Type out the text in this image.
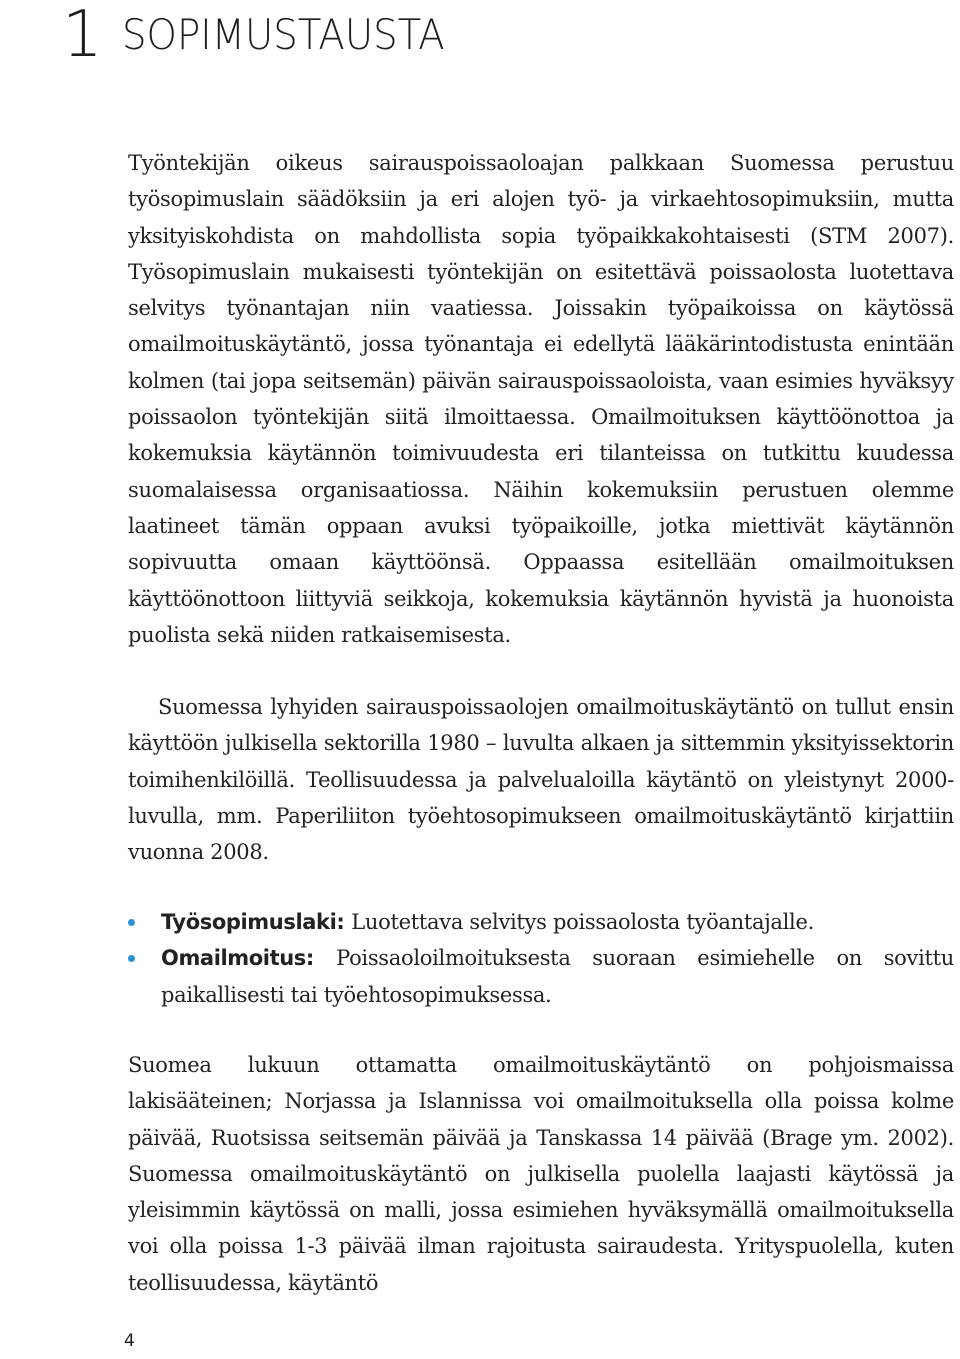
1 SOPIMUSTAUSTA

Työntekijän oikeus sairauspoissaoloajan palkkaan Suomessa perustuu työsopimuslain säädöksiin ja eri alojen työ- ja virkaehtosopimuksiin, mutta yksityiskohdista on mahdollista sopia työpaikkakohtaisesti (STM 2007). Työsopimuslain mukaisesti työntekijän on esitettävä poissaolosta luotettava selvitys työnantajan niin vaatiessa. Joissakin työpaikoissa on käytössä omailmoituskäytäntö, jossa työnantaja ei edellytä lääkärintodistusta enintään kolmen (tai jopa seitsemän) päivän sairauspoissaoloista, vaan esimies hyväksyy poissaolon työntekijän siitä ilmoittaessa. Omailmoituksen käyttöönottoa ja kokemuksia käytännön toimivuudesta eri tilanteissa on tutkittu kuudessa suomalaisessa organisaatiossa. Näihin kokemuksiin perustuen olemme laatineet tämän oppaan avuksi työpaikoille, jotka miettivät käytännön sopivuutta omaan käyttöönsä. Oppaassa esitellään omailmoituksen käyttöönottoon liittyviä seikkoja, kokemuksia käytännön hyvistä ja huonoista puolista sekä niiden ratkaisemisesta.

Suomessa lyhyiden sairauspoissaolojen omailmoituskäytäntö on tullut ensin käyttöön julkisella sektorilla 1980 – luvulta alkaen ja sittemmin yksityissektorin toimihenkilöillä. Teollisuudessa ja palvelualoilla käytäntö on yleistynyt 2000-luvulla, mm. Paperiliiton työehtosopimukseen omailmoituskäytäntö kirjattiin vuonna 2008.

Työsopimuslaki: Luotettava selvitys poissaolosta työantajalle.
Omailmoitus: Poissaoloilmoituksesta suoraan esimiehelle on sovittu paikallisesti tai työehtosopimuksessa.

Suomea lukuun ottamatta omailmoituskäytäntö on pohjoismaissa lakisääteinen; Norjassa ja Islannissa voi omailmoituksella olla poissa kolme päivää, Ruotsissa seitsemän päivää ja Tanskassa 14 päivää (Brage ym. 2002). Suomessa omailmoituskäytäntö on julkisella puolella laajasti käytössä ja yleisimmin käytössä on malli, jossa esimiehen hyväksymällä omailmoituksella voi olla poissa 1-3 päivää ilman rajoitusta sairaudesta. Yrityspuolella, kuten teollisuudessa, käytäntö

4
